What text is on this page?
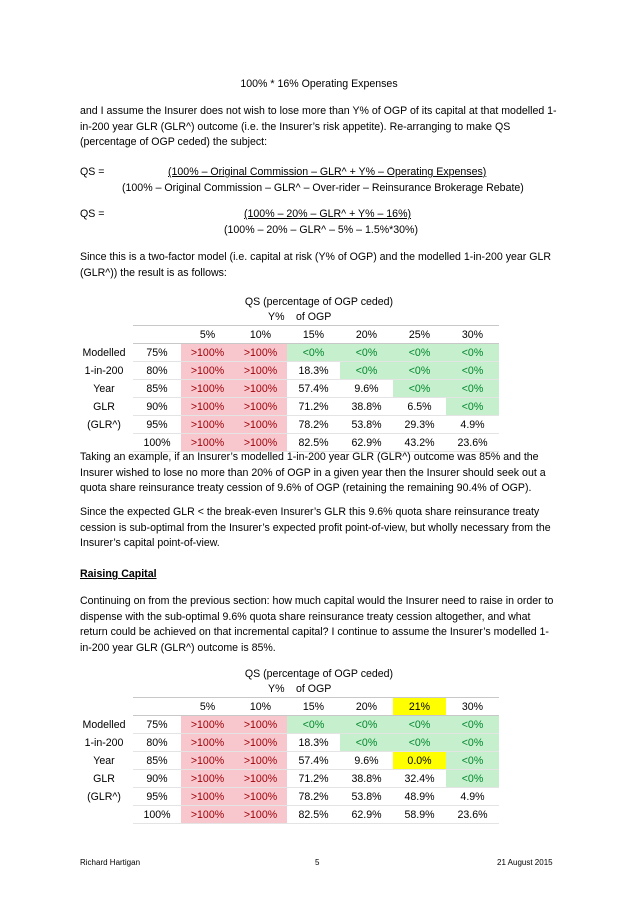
100% * 16% Operating Expenses

and I assume the Insurer does not wish to lose more than Y% of OGP of its capital at that modelled 1-in-200 year GLR (GLR^) outcome (i.e. the Insurer’s risk appetite). Re-arranging to make QS (percentage of OGP ceded) the subject:

QS =	(100% – Original Commission – GLR^ + Y% – Operating Expenses)
(100% – Original Commission – GLR^ – Over-rider – Reinsurance Brokerage Rebate)
QS =	(100% – 20% – GLR^ + Y% – 16%)
(100% – 20% – GLR^ – 5% – 1.5%*30%)

Since this is a two-factor model (i.e. capital at risk (Y% of OGP) and the modelled 1-in-200 year GLR (GLR^)) the result is as follows:

QS (percentage of OGP ceded)
Y% of OGP
		5%	10%	15%	20%	25%	30%
Modelled	75%	>100%	>100%	<0%	<0%	<0%	<0%
1-in-200	80%	>100%	>100%	18.3%	<0%	<0%	<0%
Year	85%	>100%	>100%	57.4%	9.6%	<0%	<0%
GLR	90%	>100%	>100%	71.2%	38.8%	6.5%	<0%
(GLR^)	95%	>100%	>100%	78.2%	53.8%	29.3%	4.9%
	100%	>100%	>100%	82.5%	62.9%	43.2%	23.6%

Taking an example, if an Insurer’s modelled 1-in-200 year GLR (GLR^) outcome was 85% and the Insurer wished to lose no more than 20% of OGP in a given year then the Insurer should seek out a quota share reinsurance treaty cession of 9.6% of OGP (retaining the remaining 90.4% of OGP).

Since the expected GLR < the break-even Insurer’s GLR this 9.6% quota share reinsurance treaty cession is sub-optimal from the Insurer’s expected profit point-of-view, but wholly necessary from the Insurer’s capital point-of-view.

Raising Capital

Continuing on from the previous section: how much capital would the Insurer need to raise in order to dispense with the sub-optimal 9.6% quota share reinsurance treaty cession altogether, and what return could be achieved on that incremental capital? I continue to assume the Insurer’s modelled 1-in-200 year GLR (GLR^) outcome is 85%.

QS (percentage of OGP ceded)
Y% of OGP
		5%	10%	15%	20%	21%	30%
Modelled	75%	>100%	>100%	<0%	<0%	<0%	<0%
1-in-200	80%	>100%	>100%	18.3%	<0%	<0%	<0%
Year	85%	>100%	>100%	57.4%	9.6%	0.0%	<0%
GLR	90%	>100%	>100%	71.2%	38.8%	32.4%	<0%
(GLR^)	95%	>100%	>100%	78.2%	53.8%	48.9%	4.9%
	100%	>100%	>100%	82.5%	62.9%	58.9%	23.6%
Richard Hartigan	5	21 August 2015
